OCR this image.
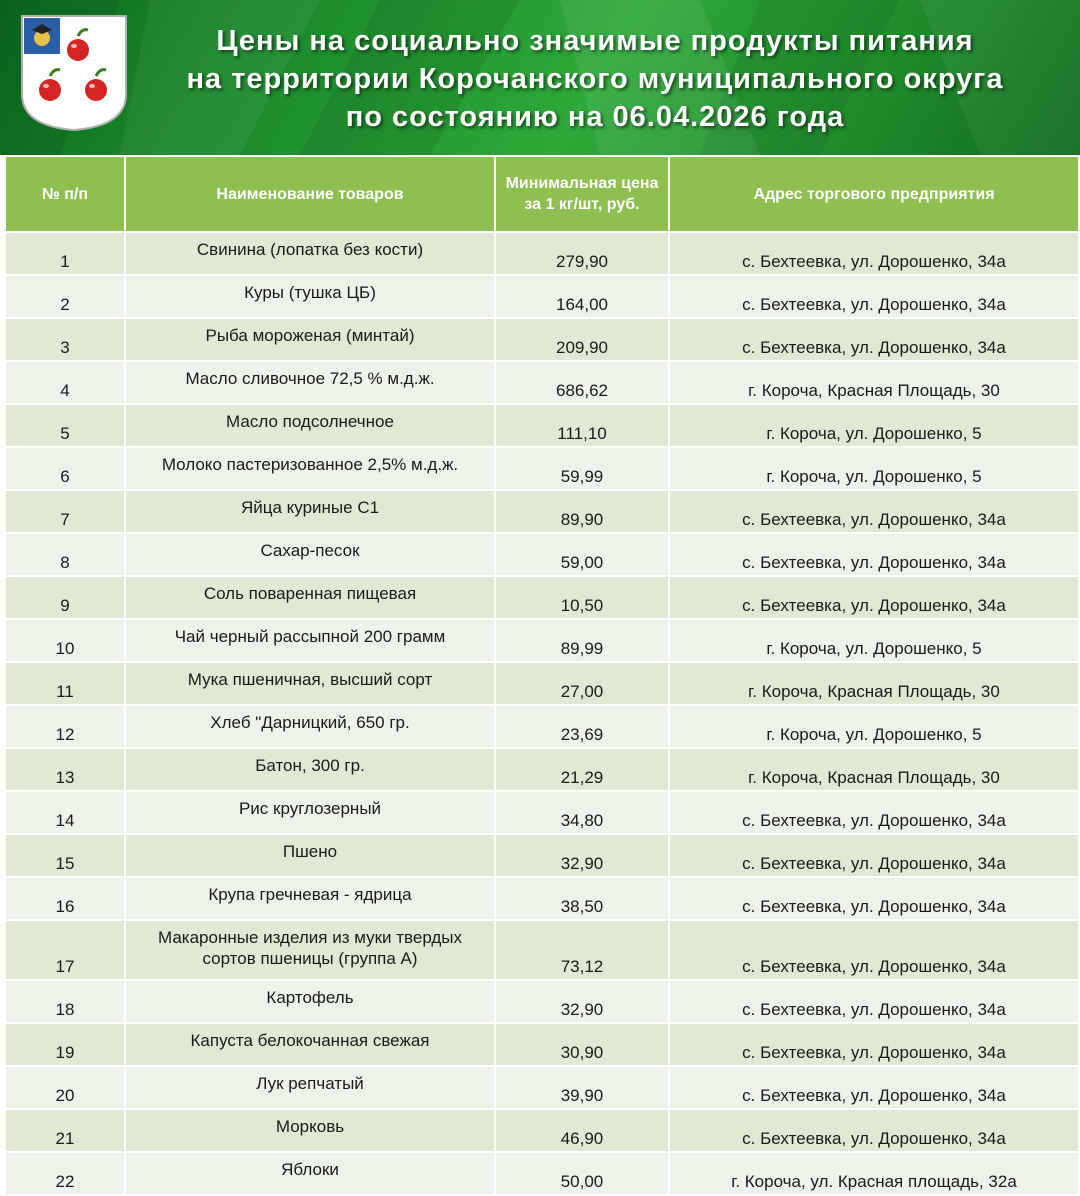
Цены на социально значимые продукты питания
на территории Корочанского муниципального округа
по состоянию на 06.04.2026 года
№ п/п	Наименование товаров	Минимальная цена за 1 кг/шт, руб.	Адрес торгового предприятия
1	Свинина (лопатка без кости)	279,90	с. Бехтеевка, ул. Дорошенко, 34а
2	Куры (тушка ЦБ)	164,00	с. Бехтеевка, ул. Дорошенко, 34а
3	Рыба мороженая (минтай)	209,90	с. Бехтеевка, ул. Дорошенко, 34а
4	Масло сливочное 72,5 % м.д.ж.	686,62	г. Короча, Красная Площадь, 30
5	Масло подсолнечное	111,10	г. Короча, ул. Дорошенко, 5
6	Молоко пастеризованное 2,5% м.д.ж.	59,99	г. Короча, ул. Дорошенко, 5
7	Яйца куриные С1	89,90	с. Бехтеевка, ул. Дорошенко, 34а
8	Сахар-песок	59,00	с. Бехтеевка, ул. Дорошенко, 34а
9	Соль поваренная пищевая	10,50	с. Бехтеевка, ул. Дорошенко, 34а
10	Чай черный рассыпной 200 грамм	89,99	г. Короча, ул. Дорошенко, 5
11	Мука пшеничная, высший сорт	27,00	г. Короча, Красная Площадь, 30
12	Хлеб "Дарницкий, 650 гр.	23,69	г. Короча, ул. Дорошенко, 5
13	Батон, 300 гр.	21,29	г. Короча, Красная Площадь, 30
14	Рис круглозерный	34,80	с. Бехтеевка, ул. Дорошенко, 34а
15	Пшено	32,90	с. Бехтеевка, ул. Дорошенко, 34а
16	Крупа гречневая - ядрица	38,50	с. Бехтеевка, ул. Дорошенко, 34а
17	Макаронные изделия из муки твердых сортов пшеницы (группа А)	73,12	с. Бехтеевка, ул. Дорошенко, 34а
18	Картофель	32,90	с. Бехтеевка, ул. Дорошенко, 34а
19	Капуста белокочанная свежая	30,90	с. Бехтеевка, ул. Дорошенко, 34а
20	Лук репчатый	39,90	с. Бехтеевка, ул. Дорошенко, 34а
21	Морковь	46,90	с. Бехтеевка, ул. Дорошенко, 34а
22	Яблоки	50,00	г. Короча, ул. Красная площадь, 32а
